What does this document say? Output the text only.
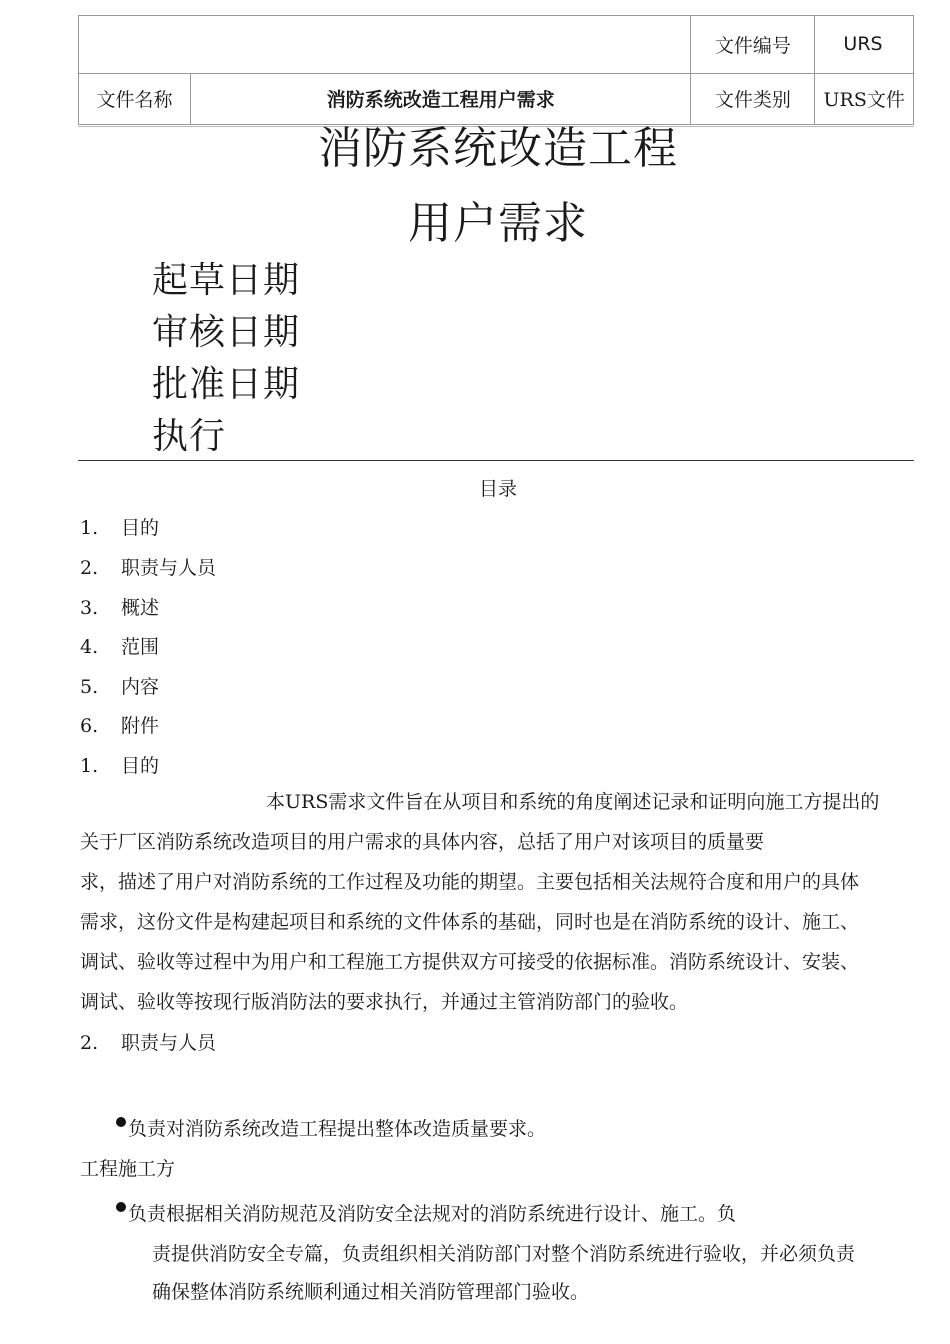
		文件编号	URS
文件名称	消防系统改造工程用户需求	文件类别	URS文件
消防系统改造工程
用户需求
起草日期
审核日期
批准日期
执行
目录
1. 目的
2. 职责与人员
3. 概述
4. 范围
5. 内容
6. 附件
1. 目的
本URS需求文件旨在从项目和系统的角度阐述记录和证明向施工方提出的
关于厂区消防系统改造项目的用户需求的具体内容，总括了用户对该项目的质量要
求，描述了用户对消防系统的工作过程及功能的期望。主要包括相关法规符合度和用户的具体
需求，这份文件是构建起项目和系统的文件体系的基础，同时也是在消防系统的设计、施工、
调试、验收等过程中为用户和工程施工方提供双方可接受的依据标准。消防系统设计、安装、
调试、验收等按现行版消防法的要求执行，并通过主管消防部门的验收。
2. 职责与人员
负责对消防系统改造工程提出整体改造质量要求。
工程施工方
负责根据相关消防规范及消防安全法规对的消防系统进行设计、施工。负
责提供消防安全专篇，负责组织相关消防部门对整个消防系统进行验收，并必须负责
确保整体消防系统顺利通过相关消防管理部门验收。
